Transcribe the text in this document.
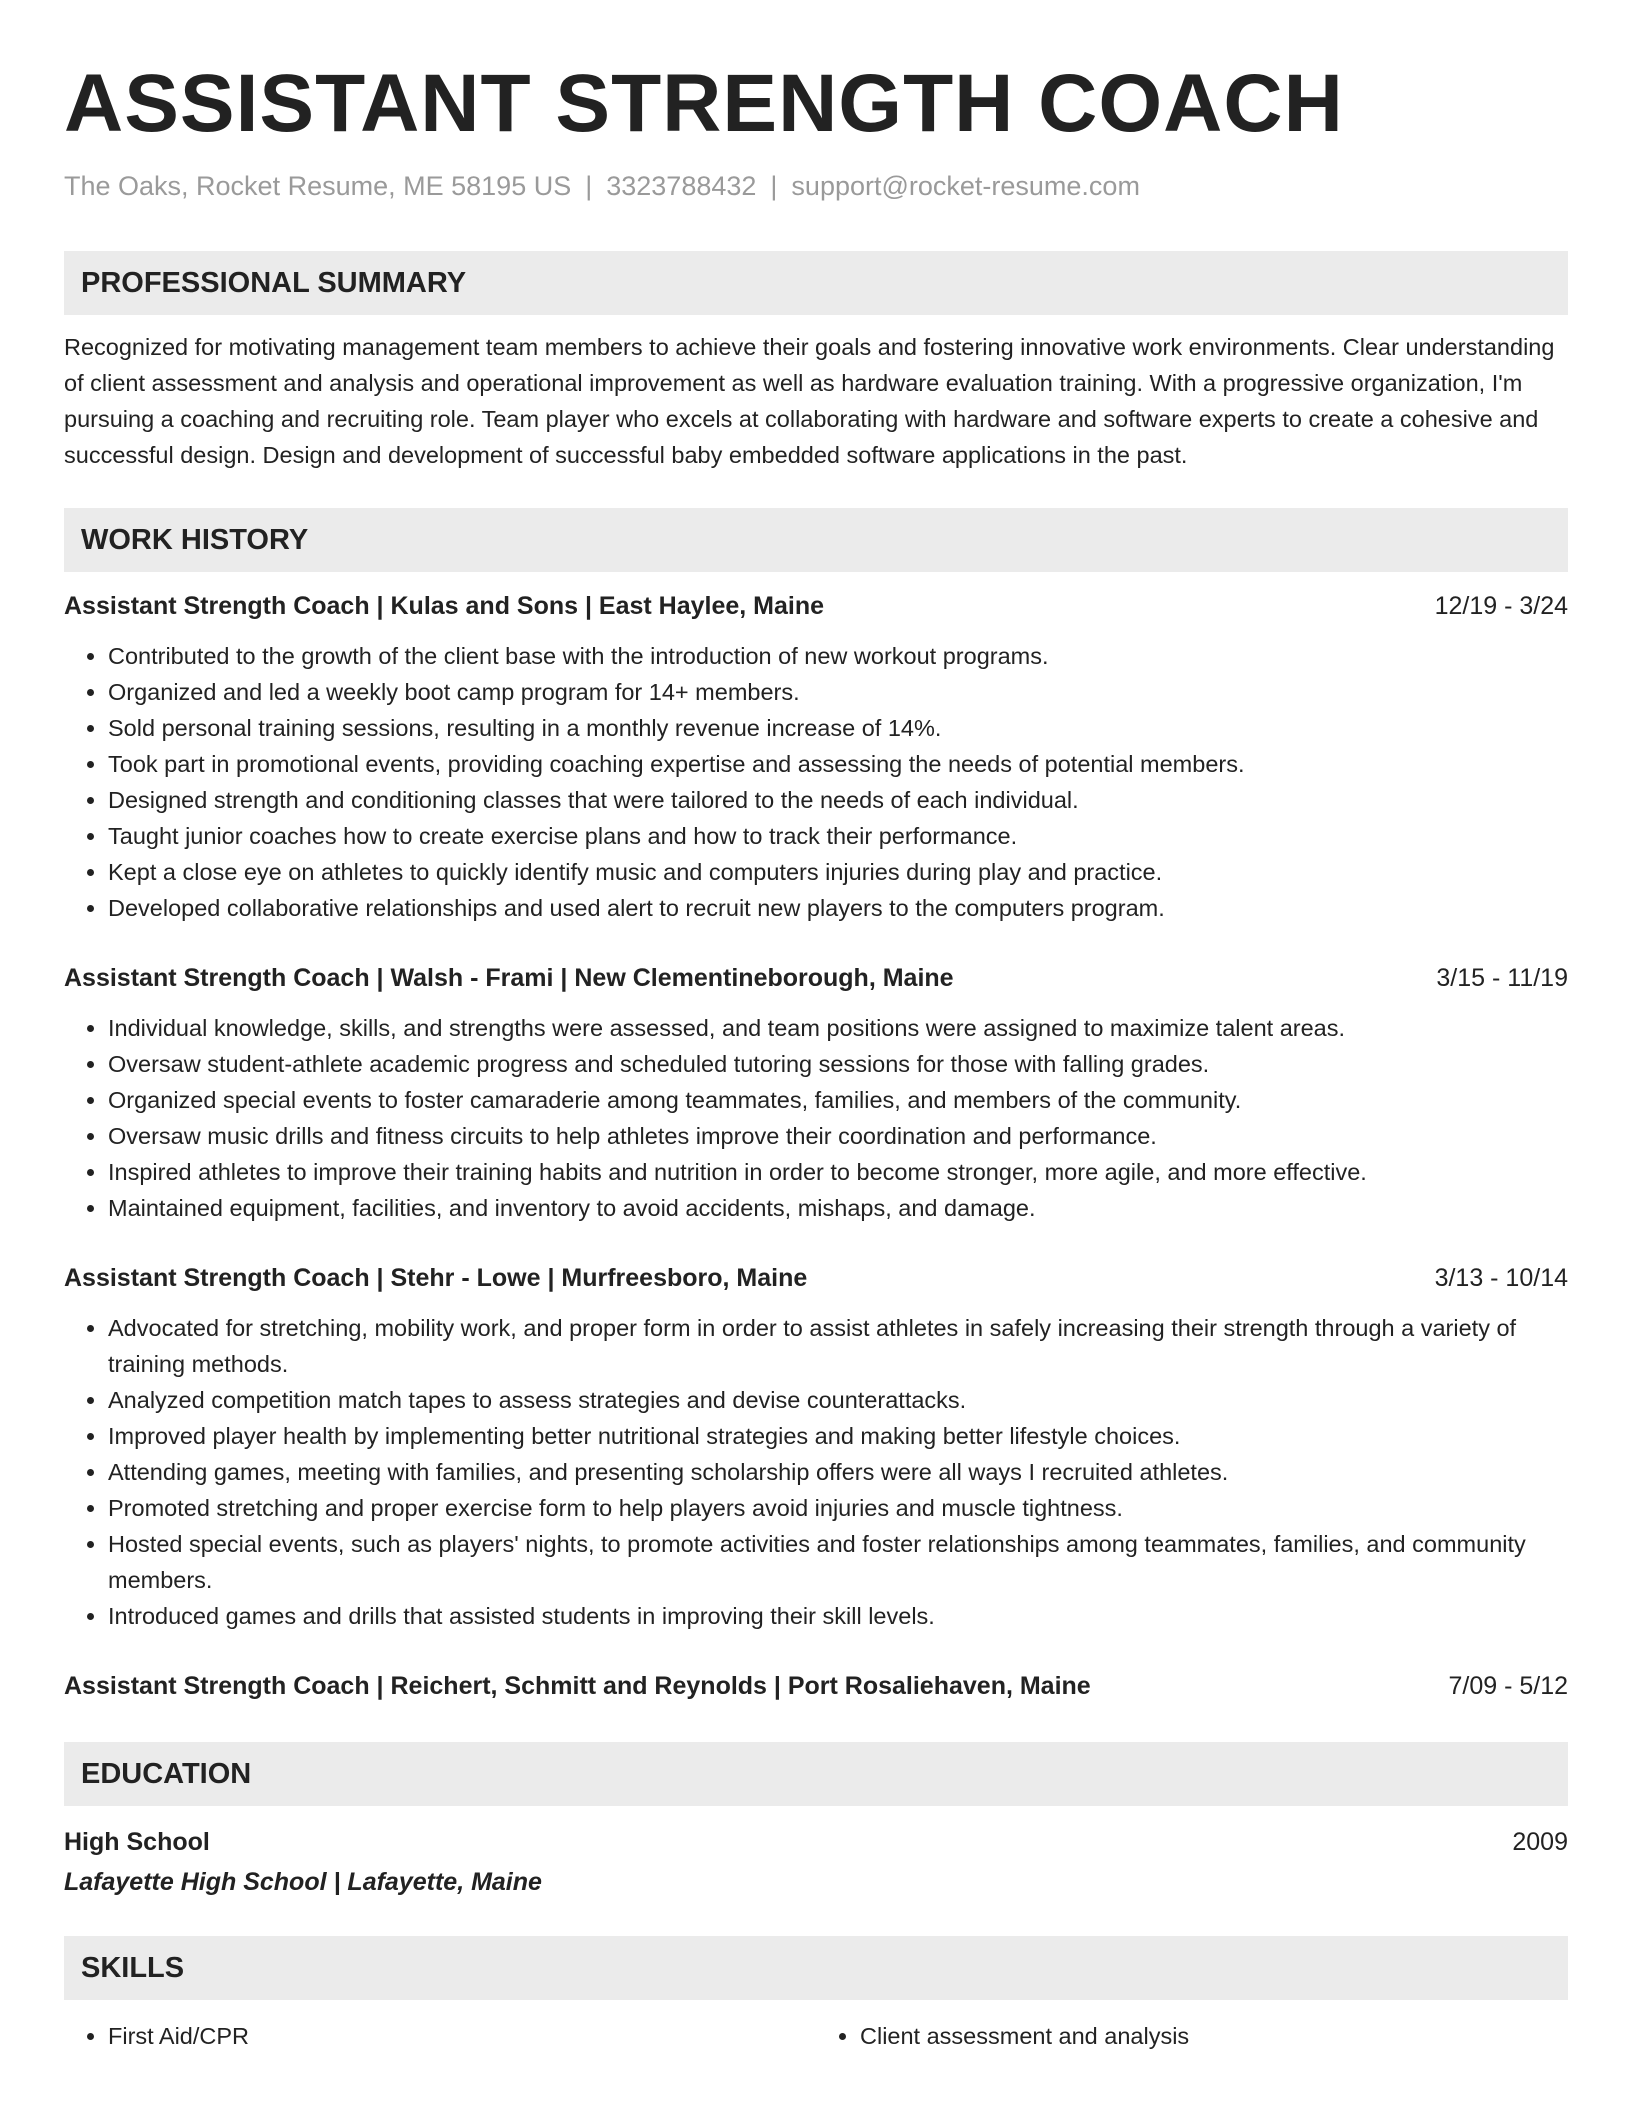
ASSISTANT STRENGTH COACH
The Oaks, Rocket Resume, ME 58195 US | 3323788432 | support@rocket-resume.com
PROFESSIONAL SUMMARY
Recognized for motivating management team members to achieve their goals and fostering innovative work environments. Clear understanding of client assessment and analysis and operational improvement as well as hardware evaluation training. With a progressive organization, I'm pursuing a coaching and recruiting role. Team player who excels at collaborating with hardware and software experts to create a cohesive and successful design. Design and development of successful baby embedded software applications in the past.
WORK HISTORY
Assistant Strength Coach | Kulas and Sons | East Haylee, Maine	12/19 - 3/24
• Contributed to the growth of the client base with the introduction of new workout programs.
• Organized and led a weekly boot camp program for 14+ members.
• Sold personal training sessions, resulting in a monthly revenue increase of 14%.
• Took part in promotional events, providing coaching expertise and assessing the needs of potential members.
• Designed strength and conditioning classes that were tailored to the needs of each individual.
• Taught junior coaches how to create exercise plans and how to track their performance.
• Kept a close eye on athletes to quickly identify music and computers injuries during play and practice.
• Developed collaborative relationships and used alert to recruit new players to the computers program.
Assistant Strength Coach | Walsh - Frami | New Clementineborough, Maine	3/15 - 11/19
• Individual knowledge, skills, and strengths were assessed, and team positions were assigned to maximize talent areas.
• Oversaw student-athlete academic progress and scheduled tutoring sessions for those with falling grades.
• Organized special events to foster camaraderie among teammates, families, and members of the community.
• Oversaw music drills and fitness circuits to help athletes improve their coordination and performance.
• Inspired athletes to improve their training habits and nutrition in order to become stronger, more agile, and more effective.
• Maintained equipment, facilities, and inventory to avoid accidents, mishaps, and damage.
Assistant Strength Coach | Stehr - Lowe | Murfreesboro, Maine	3/13 - 10/14
• Advocated for stretching, mobility work, and proper form in order to assist athletes in safely increasing their strength through a variety of training methods.
• Analyzed competition match tapes to assess strategies and devise counterattacks.
• Improved player health by implementing better nutritional strategies and making better lifestyle choices.
• Attending games, meeting with families, and presenting scholarship offers were all ways I recruited athletes.
• Promoted stretching and proper exercise form to help players avoid injuries and muscle tightness.
• Hosted special events, such as players' nights, to promote activities and foster relationships among teammates, families, and community members.
• Introduced games and drills that assisted students in improving their skill levels.
Assistant Strength Coach | Reichert, Schmitt and Reynolds | Port Rosaliehaven, Maine	7/09 - 5/12
EDUCATION
High School	2009
Lafayette High School | Lafayette, Maine
SKILLS
• First Aid/CPR
•	Client assessment and analysis
